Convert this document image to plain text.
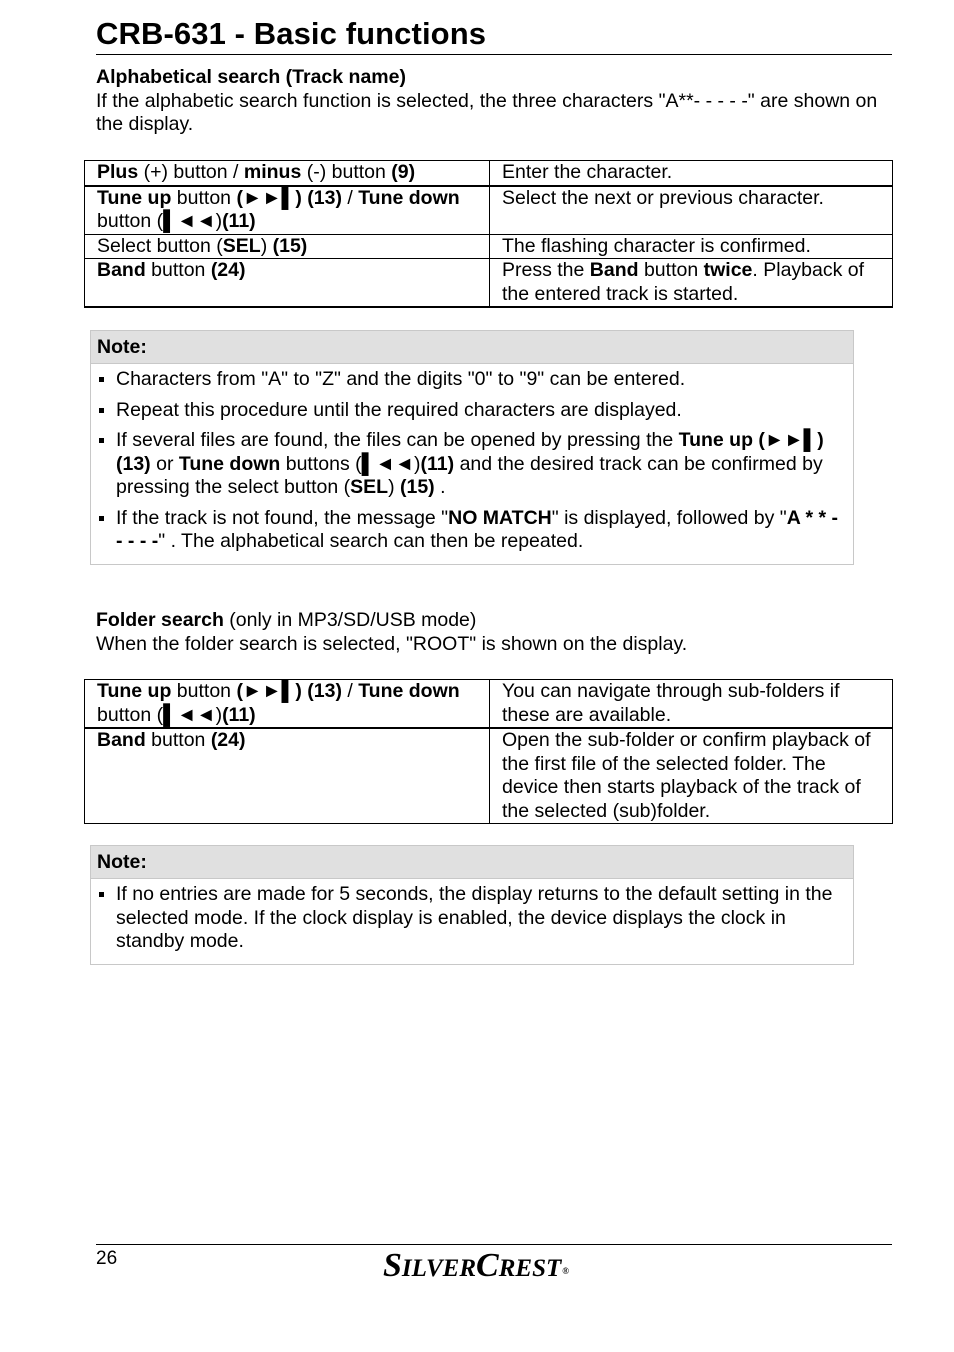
CRB-631 - Basic functions

Alphabetical search (Track name)

If the alphabetic search function is selected, the three characters "A**- - - - -" are shown on the display.

Plus (+) button / minus (-) button (9)	Enter the character.
Tune up button (►►▌) (13) / Tune down button (▌◄◄)(11)	Select the next or previous character.
Select button (SEL) (15)	The flashing character is confirmed.
Band button (24)	Press the Band button twice. Playback of the entered track is started.
Note:
Characters from "A" to "Z" and the digits "0" to "9" can be entered.
Repeat this procedure until the required characters are displayed.
If several files are found, the files can be opened by pressing the Tune up (►►▌) (13) or Tune down buttons (▌◄◄)(11) and the desired track can be confirmed by pressing the select button (SEL) (15) .
If the track is not found, the message "NO MATCH" is displayed, followed by "A * * - - - - -" . The alphabetical search can then be repeated.

Folder search (only in MP3/SD/USB mode)

When the folder search is selected, "ROOT" is shown on the display.

Tune up button (►►▌) (13) / Tune down button (▌◄◄)(11)	You can navigate through sub-folders if these are available.
Band button (24)	Open the sub-folder or confirm playback of the first file of the selected folder. The device then starts playback of the track of the selected (sub)folder.
Note:
If no entries are made for 5 seconds, the display returns to the default setting in the selected mode. If the clock display is enabled, the device displays the clock in standby mode.
26	SILVERCREST®
